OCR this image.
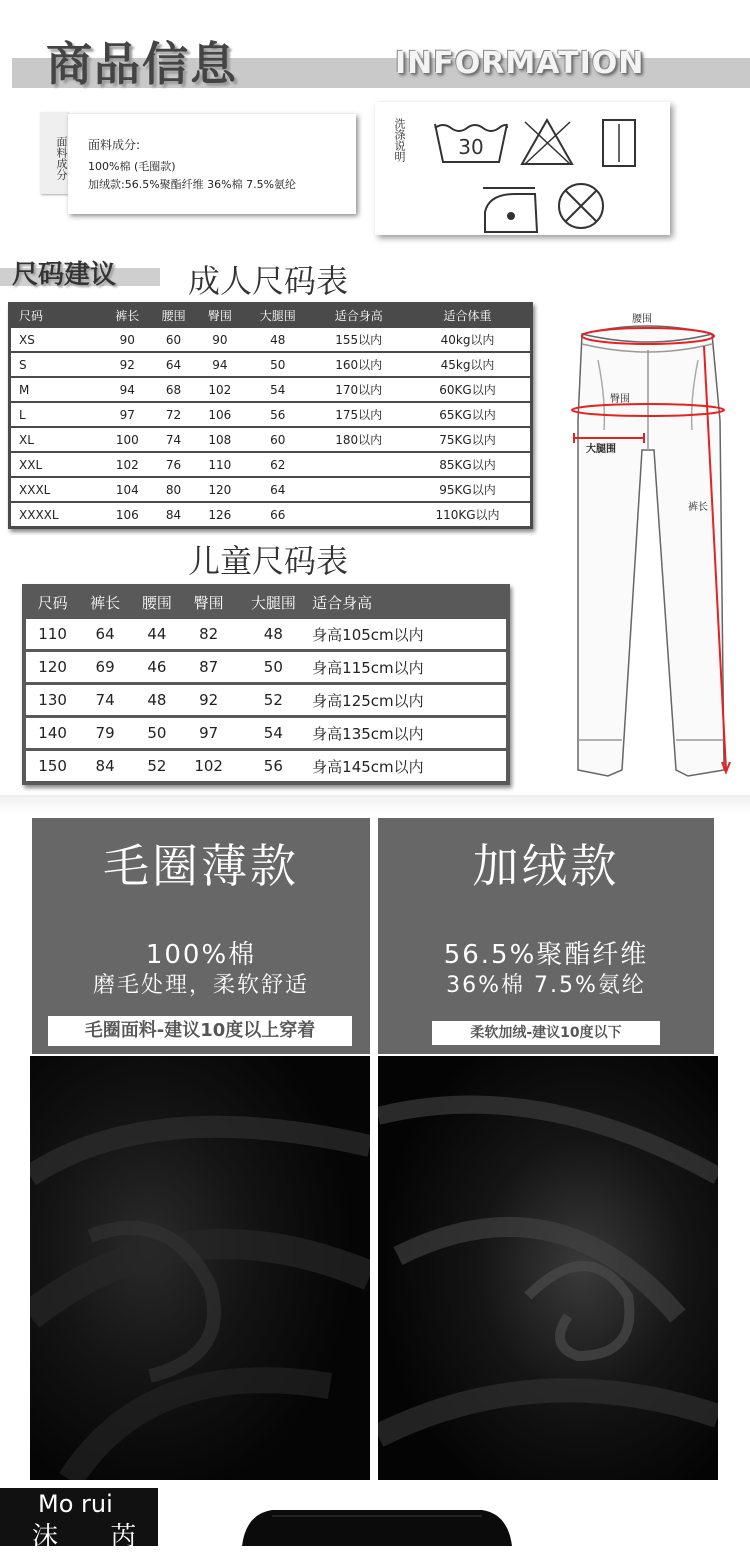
商品信息	INFORMATION
面料成分 面料成分:
100%棉 (毛圈款)
加绒款:56.5%聚酯纤维 36%棉 7.5%氨纶
30
洗涤说明
尺码建议 成人尺码表
尺码	裤长	腰围	臀围	大腿围	适合身高	适合体重
XS	90	60	90	48	155以内	40kg以内
S	92	64	94	50	160以内	45kg以内
M	94	68	102	54	170以内	60KG以内
L	97	72	106	56	175以内	65KG以内
XL	100	74	108	60	180以内	75KG以内
XXL	102	76	110	62		85KG以内
XXXL	104	80	120	64		95KG以内
XXXXL	106	84	126	66		110KG以内
儿童尺码表
尺码	裤长	腰围	臀围	大腿围	适合身高
110	64	44	82	48	身高105cm以内
120	69	46	87	50	身高115cm以内
130	74	48	92	52	身高125cm以内
140	79	50	97	54	身高135cm以内
150	84	52	102	56	身高145cm以内
腰围
臀围
大腿围
裤长
毛圈薄款
100%棉
磨毛处理，柔软舒适
毛圈面料-建议10度以上穿着
加绒款
56.5%聚酯纤维
36%棉 7.5%氨纶
柔软加绒-建议10度以下
Mo rui
沫 芮
